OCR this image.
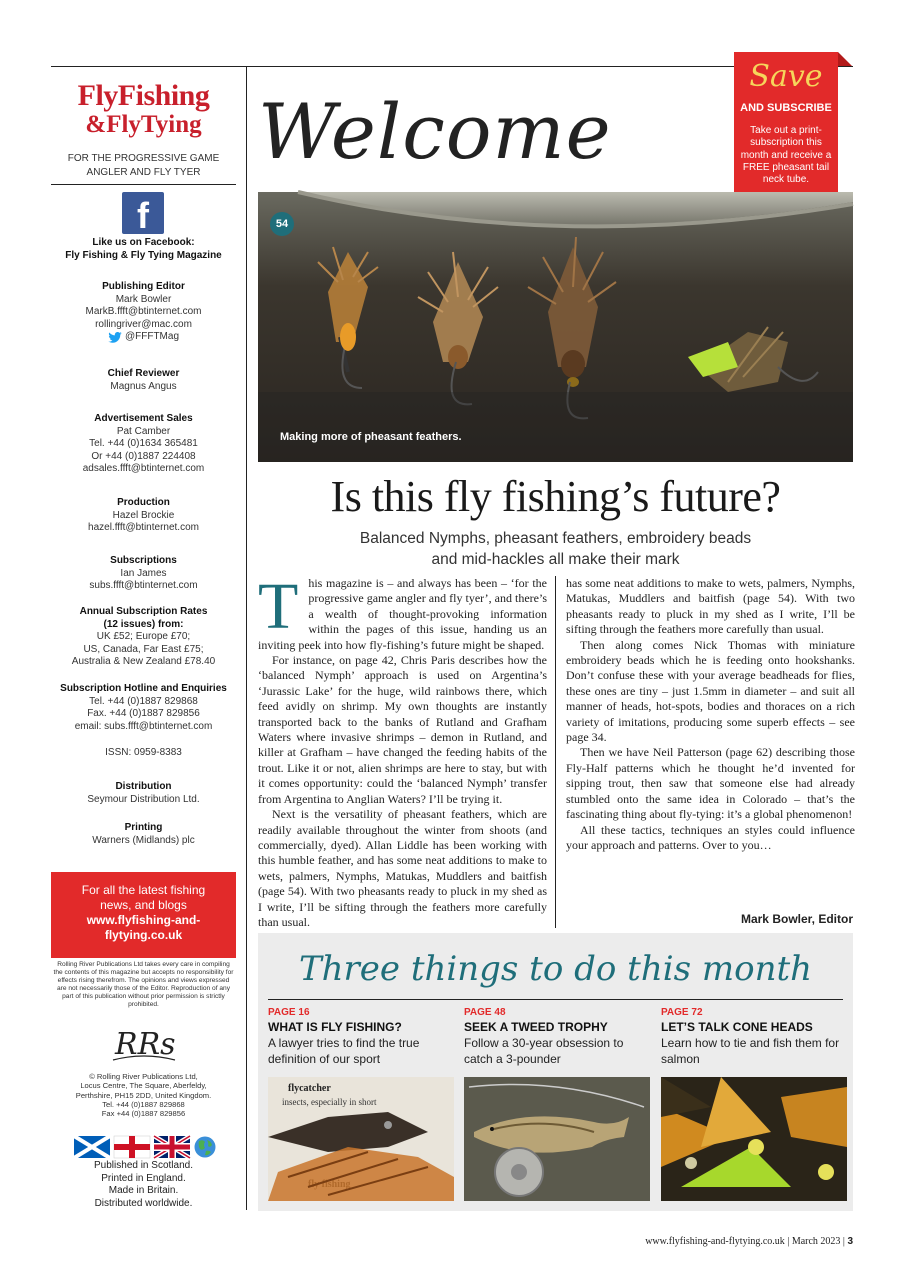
FlyFishing
&FlyTying
FOR THE PROGRESSIVE GAME ANGLER AND FLY TYER
f
Like us on Facebook:
Fly Fishing & Fly Tying Magazine
Publishing Editor
Mark Bowler
MarkB.ffft@btinternet.com
rollingriver@mac.com
@FFFTMag
Chief Reviewer
Magnus Angus
Advertisement Sales
Pat Camber
Tel. +44 (0)1634 365481
Or +44 (0)1887 224408
adsales.ffft@btinternet.com
Production
Hazel Brockie
hazel.ffft@btinternet.com
Subscriptions
Ian James
subs.ffft@btinternet.com
Annual Subscription Rates
(12 issues) from:
UK £52; Europe £70;
US, Canada, Far East £75;
Australia & New Zealand £78.40
Subscription Hotline and Enquiries
Tel. +44 (0)1887 829868
Fax. +44 (0)1887 829856
email: subs.ffft@btinternet.com
ISSN: 0959-8383
Distribution
Seymour Distribution Ltd.
Printing
Warners (Midlands) plc
For all the latest fishing
news, and blogs
www.flyfishing-and-
flytying.co.uk
Rolling River Publications Ltd takes every care in compiling the contents of this magazine but accepts no responsibility for effects rising therefrom. The opinions and views expressed are not necessarily those of the Editor. Reproduction of any part of this publication without prior permission is strictly prohibited.
RRs
© Rolling River Publications Ltd,
Locus Centre, The Square, Aberfeldy,
Perthshire, PH15 2DD, United Kingdom.
Tel. +44 (0)1887 829868
Fax +44 (0)1887 829856
Published in Scotland.
Printed in England.
Made in Britain.
Distributed worldwide.
Welcome
Save
AND SUBSCRIBE
Take out a print-subscription this month and receive a FREE pheasant tail neck tube.
54
Making more of pheasant feathers.
Is this fly fishing’s future?
Balanced Nymphs, pheasant feathers, embroidery beads
and mid-hackles all make their mark

This magazine is – and always has been – ‘for the progressive game angler and fly tyer’, and there’s a wealth of thought-provoking information within the pages of this issue, handing us an inviting peek into how fly-fishing’s future might be shaped.

For instance, on page 42, Chris Paris describes how the ‘balanced Nymph’ approach is used on Argentina’s ‘Jurassic Lake’ for the huge, wild rainbows there, which feed avidly on shrimp. My own thoughts are instantly transported back to the banks of Rutland and Grafham Waters where invasive shrimps – demon in Rutland, and killer at Grafham – have changed the feeding habits of the trout. Like it or not, alien shrimps are here to stay, but with it comes opportunity: could the ‘balanced Nymph’ transfer from Argentina to Anglian Waters? I’ll be trying it.

Next is the versatility of pheasant feathers, which are readily available throughout the winter from shoots (and commercially, dyed). Allan Liddle has been working with this humble feather, and has some neat additions to make to wets, palmers, Nymphs, Matukas, Muddlers and baitfish (page 54). With two pheasants ready to pluck in my shed as I write, I’ll be sifting through the feathers more carefully than usual.

has some neat additions to make to wets, palmers, Nymphs, Matukas, Muddlers and baitfish (page 54). With two pheasants ready to pluck in my shed as I write, I’ll be sifting through the feathers more carefully than usual.

Then along comes Nick Thomas with miniature embroidery beads which he is feeding onto hookshanks. Don’t confuse these with your average beadheads for flies, these ones are tiny – just 1.5mm in diameter – and suit all manner of heads, hot-spots, bodies and thoraces on a rich variety of imitations, producing some superb effects – see page 34.

Then we have Neil Patterson (page 62) describing those Fly-Half patterns which he thought he’d invented for sipping trout, then saw that someone else had already stumbled onto the same idea in Colorado – that’s the fascinating thing about fly-tying: it’s a global phenomenon!

All these tactics, techniques an styles could influence your approach and patterns. Over to you…

Mark Bowler, Editor
Three things to do this month
PAGE 16
WHAT IS FLY FISHING?
A lawyer tries to find the true definition of our sport
flycatcher
insects, especially in short
PAGE 48
SEEK A TWEED TROPHY
Follow a 30-year obsession to catch a 3-pounder
PAGE 72
LET’S TALK CONE HEADS
Learn how to tie and fish them for salmon
www.flyfishing-and-flytying.co.uk | March 2023 | 3
